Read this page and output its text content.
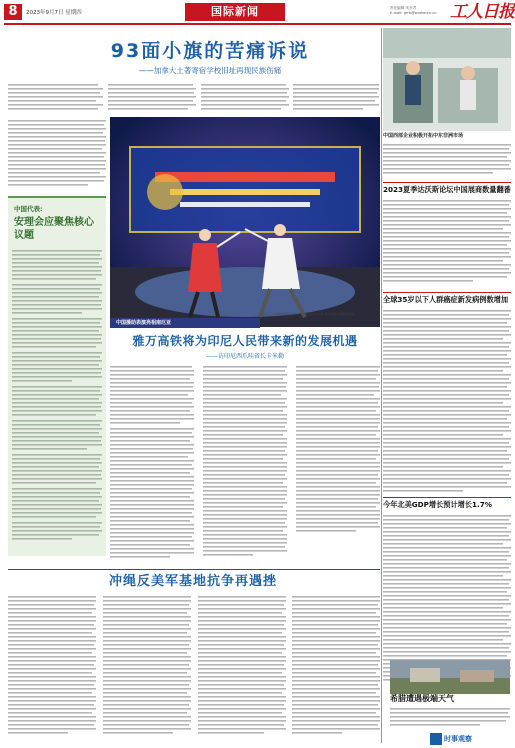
8	2023年9月7日 星期四	国际新闻	责任编辑:朱东君
E-mail: grrb@workercn.cn 工人日报
93面小旗的苦痛诉说
——加拿大土著寄宿学校旧址再现民族伤痛
中国代表:
安理会应聚焦核心议题
中国援助表演亮相南厄亚
9月5日,柬埔寨首都金边举行大型中国文化活动,演员表演中国传统戏剧。
雅万高铁将为印尼人民带来新的发展机遇
——访印尼西爪哇省长卡米勒
中国西部企业积极开拓中东非洲市场
2023夏季达沃斯论坛中国展商数量翻番
全球35岁以下人群癌症新发病例数增加
今年北美GDP增长预计增长1.7%
希腊遭遇极端天气
冲绳反美军基地抗争再遇挫
时事观察
